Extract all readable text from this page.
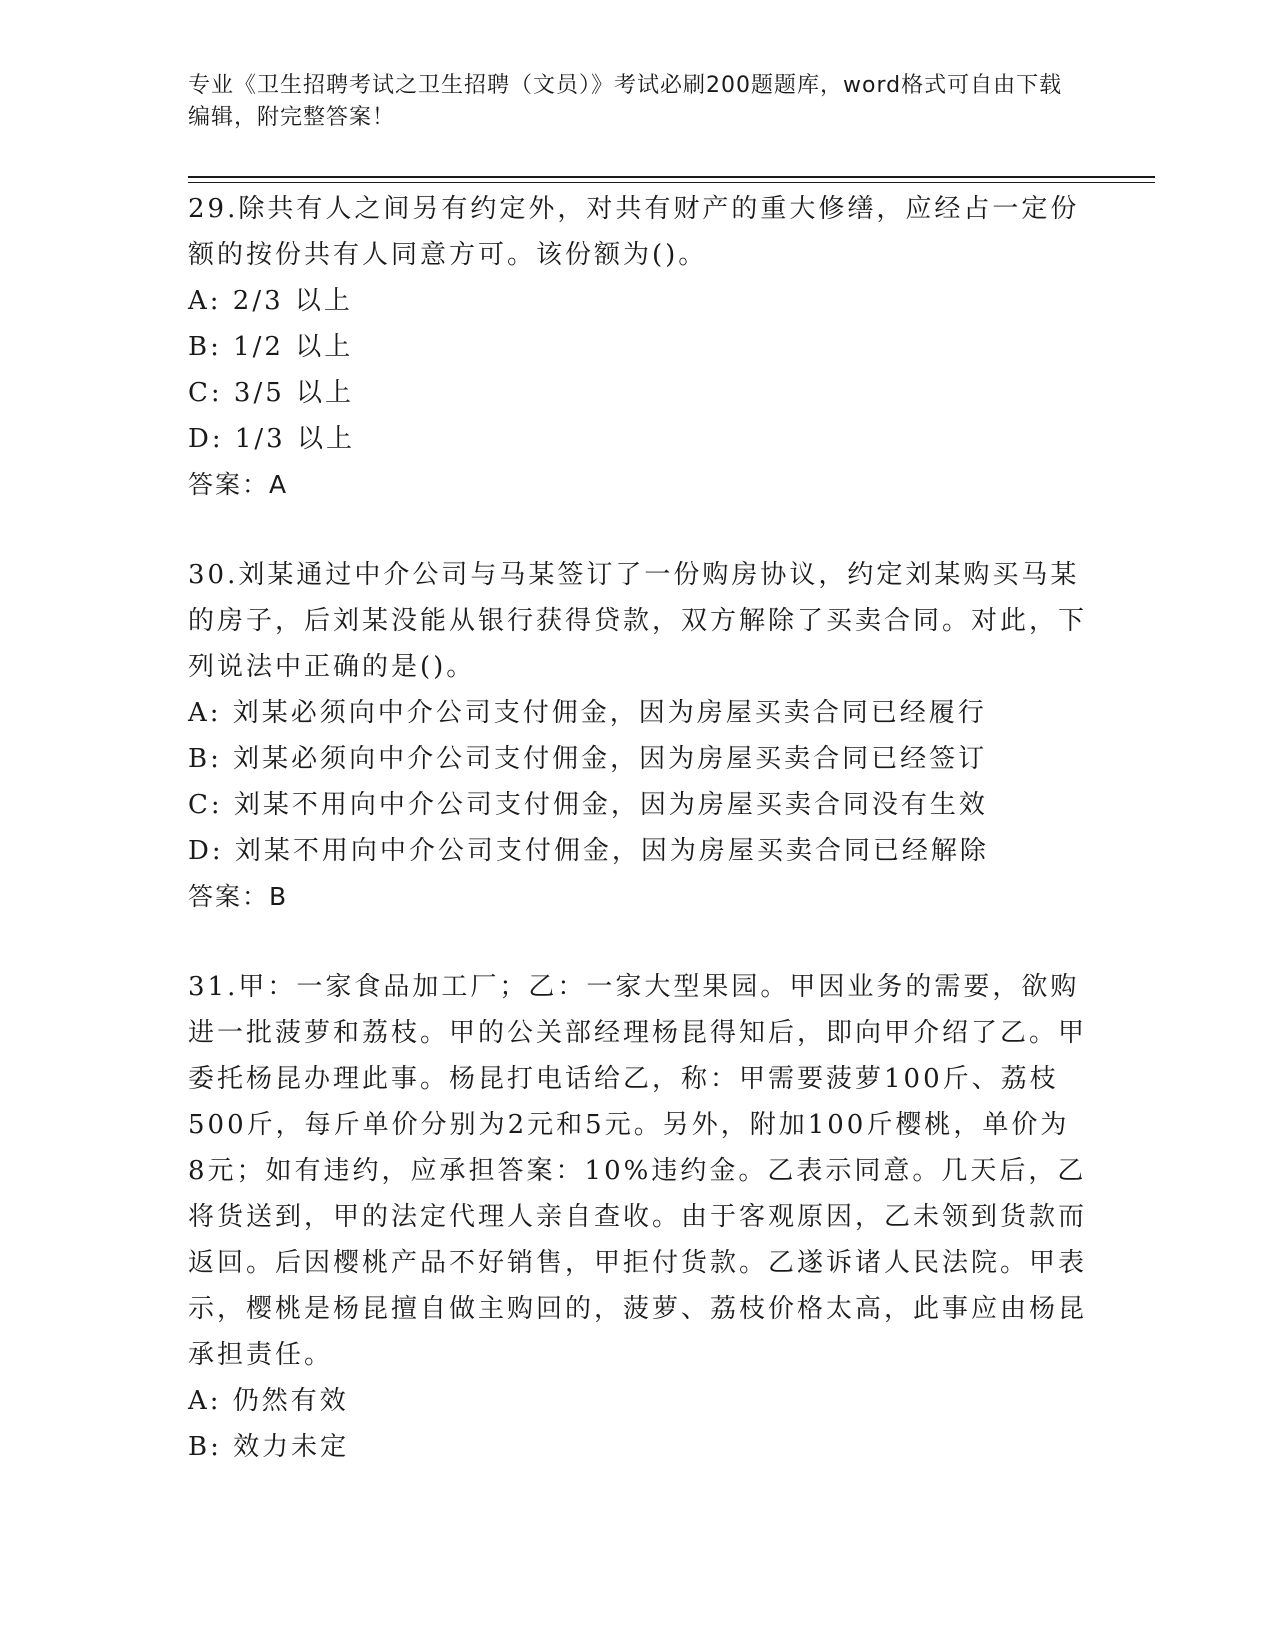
专业《卫生招聘考试之卫生招聘（文员）》考试必刷200题题库，word格式可自由下载编辑，附完整答案！

29.除共有人之间另有约定外，对共有财产的重大修缮，应经占一定份额的按份共有人同意方可。该份额为()。

A: 2/3 以上

B: 1/2 以上

C: 3/5 以上

D: 1/3 以上

答案：A

30.刘某通过中介公司与马某签订了一份购房协议，约定刘某购买马某的房子，后刘某没能从银行获得贷款，双方解除了买卖合同。对此，下列说法中正确的是()。

A: 刘某必须向中介公司支付佣金，因为房屋买卖合同已经履行

B: 刘某必须向中介公司支付佣金，因为房屋买卖合同已经签订

C: 刘某不用向中介公司支付佣金，因为房屋买卖合同没有生效

D: 刘某不用向中介公司支付佣金，因为房屋买卖合同已经解除

答案：B

31.甲：一家食品加工厂；乙：一家大型果园。甲因业务的需要，欲购进一批菠萝和荔枝。甲的公关部经理杨昆得知后，即向甲介绍了乙。甲委托杨昆办理此事。杨昆打电话给乙，称：甲需要菠萝100斤、荔枝500斤，每斤单价分别为2元和5元。另外，附加100斤樱桃，单价为8元；如有违约，应承担答案：10%违约金。乙表示同意。几天后，乙将货送到，甲的法定代理人亲自查收。由于客观原因，乙未领到货款而返回。后因樱桃产品不好销售，甲拒付货款。乙遂诉诸人民法院。甲表示，樱桃是杨昆擅自做主购回的，菠萝、荔枝价格太高，此事应由杨昆承担责任。

A: 仍然有效

B: 效力未定
